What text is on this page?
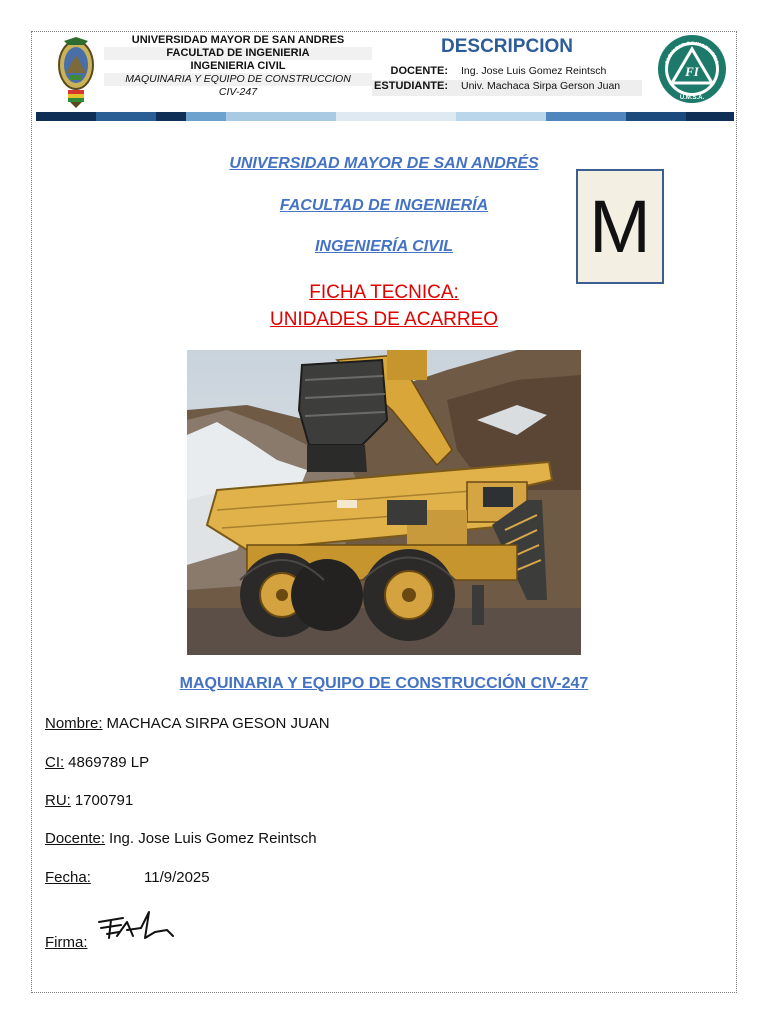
UNIVERSIDAD MAYOR DE SAN ANDRES
FACULTAD DE INGENIERIA
INGENIERIA CIVIL
MAQUINARIA Y EQUIPO DE CONSTRUCCION
CIV-247
DESCRIPCION
DOCENTE: Ing. Jose Luis Gomez Reintsch
ESTUDIANTE: Univ. Machaca Sirpa Gerson Juan
FI
FACULTAD DE INGENIERIA
U.M.S.A.
UNIVERSIDAD MAYOR DE SAN ANDRÉS
FACULTAD DE INGENIERÍA
INGENIERÍA CIVIL
FICHA TECNICA:
UNIDADES DE ACARREO
M
MAQUINARIA Y EQUIPO DE CONSTRUCCIÓN CIV-247
Nombre: MACHACA SIRPA GESON JUAN
CI: 4869789 LP
RU: 1700791
Docente: Ing. Jose Luis Gomez Reintsch
Fecha:	11/9/2025
Firma:
